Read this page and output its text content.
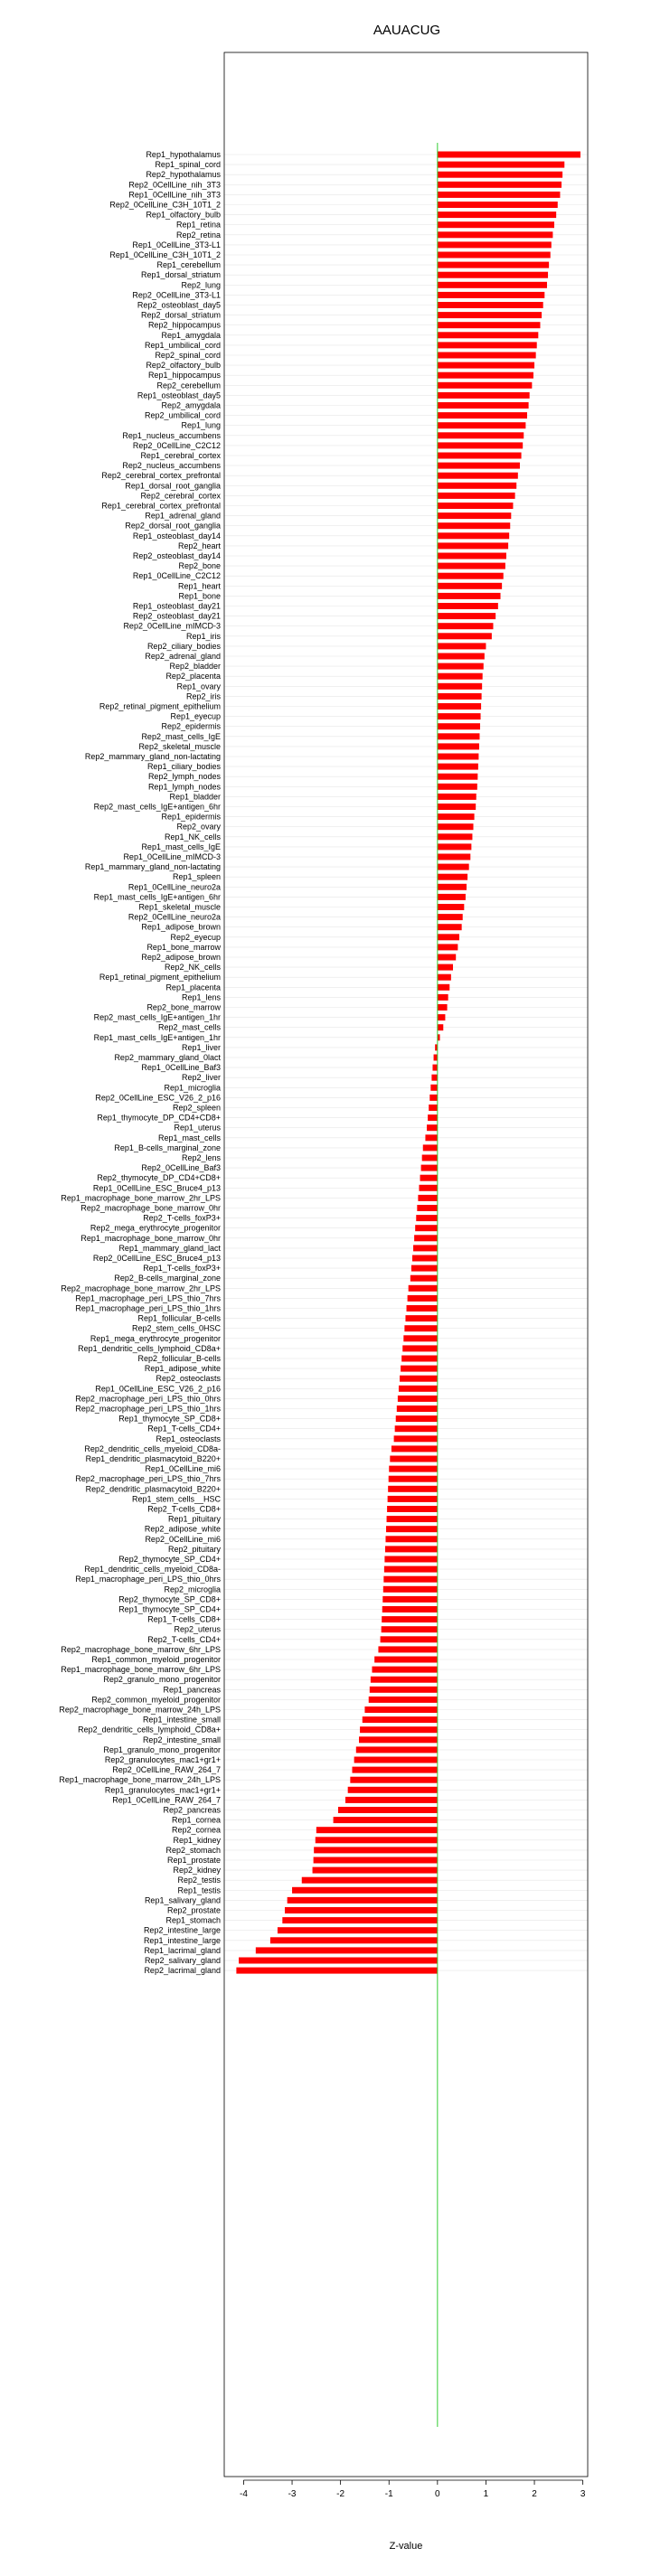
AAUACUG
Rep1_hypothalamus
Rep1_spinal_cord
Rep2_hypothalamus
Rep2_0CellLine_nih_3T3
Rep1_0CellLine_nih_3T3
Rep2_0CellLine_C3H_10T1_2
Rep1_olfactory_bulb
Rep1_retina
Rep2_retina
Rep1_0CellLine_3T3-L1
Rep1_0CellLine_C3H_10T1_2
Rep1_cerebellum
Rep1_dorsal_striatum
Rep2_lung
Rep2_0CellLine_3T3-L1
Rep2_osteoblast_day5
Rep2_dorsal_striatum
Rep2_hippocampus
Rep1_amygdala
Rep1_umbilical_cord
Rep2_spinal_cord
Rep2_olfactory_bulb
Rep1_hippocampus
Rep2_cerebellum
Rep1_osteoblast_day5
Rep2_amygdala
Rep2_umbilical_cord
Rep1_lung
Rep1_nucleus_accumbens
Rep2_0CellLine_C2C12
Rep1_cerebral_cortex
Rep2_nucleus_accumbens
Rep2_cerebral_cortex_prefrontal
Rep1_dorsal_root_ganglia
Rep2_cerebral_cortex
Rep1_cerebral_cortex_prefrontal
Rep1_adrenal_gland
Rep2_dorsal_root_ganglia
Rep1_osteoblast_day14
Rep2_heart
Rep2_osteoblast_day14
Rep2_bone
Rep1_0CellLine_C2C12
Rep1_heart
Rep1_bone
Rep1_osteoblast_day21
Rep2_osteoblast_day21
Rep2_0CellLine_mIMCD-3
Rep1_iris
Rep2_ciliary_bodies
Rep2_adrenal_gland
Rep2_bladder
Rep2_placenta
Rep1_ovary
Rep2_iris
Rep2_retinal_pigment_epithelium
Rep1_eyecup
Rep2_epidermis
Rep2_mast_cells_IgE
Rep2_skeletal_muscle
Rep2_mammary_gland_non-lactating
Rep1_ciliary_bodies
Rep2_lymph_nodes
Rep1_lymph_nodes
Rep1_bladder
Rep2_mast_cells_IgE+antigen_6hr
Rep1_epidermis
Rep2_ovary
Rep1_NK_cells
Rep1_mast_cells_IgE
Rep1_0CellLine_mIMCD-3
Rep1_mammary_gland_non-lactating
Rep1_spleen
Rep1_0CellLine_neuro2a
Rep1_mast_cells_IgE+antigen_6hr
Rep1_skeletal_muscle
Rep2_0CellLine_neuro2a
Rep1_adipose_brown
Rep2_eyecup
Rep1_bone_marrow
Rep2_adipose_brown
Rep2_NK_cells
Rep1_retinal_pigment_epithelium
Rep1_placenta
Rep1_lens
Rep2_bone_marrow
Rep2_mast_cells_IgE+antigen_1hr
Rep2_mast_cells
Rep1_mast_cells_IgE+antigen_1hr
Rep1_liver
Rep2_mammary_gland_0lact
Rep1_0CellLine_Baf3
Rep2_liver
Rep1_microglia
Rep2_0CellLine_ESC_V26_2_p16
Rep2_spleen
Rep1_thymocyte_DP_CD4+CD8+
Rep1_uterus
Rep1_mast_cells
Rep1_B-cells_marginal_zone
Rep2_lens
Rep2_0CellLine_Baf3
Rep2_thymocyte_DP_CD4+CD8+
Rep1_0CellLine_ESC_Bruce4_p13
Rep1_macrophage_bone_marrow_2hr_LPS
Rep2_macrophage_bone_marrow_0hr
Rep2_T-cells_foxP3+
Rep2_mega_erythrocyte_progenitor
Rep1_macrophage_bone_marrow_0hr
Rep1_mammary_gland_lact
Rep2_0CellLine_ESC_Bruce4_p13
Rep1_T-cells_foxP3+
Rep2_B-cells_marginal_zone
Rep2_macrophage_bone_marrow_2hr_LPS
Rep1_macrophage_peri_LPS_thio_7hrs
Rep1_macrophage_peri_LPS_thio_1hrs
Rep1_follicular_B-cells
Rep2_stem_cells_0HSC
Rep1_mega_erythrocyte_progenitor
Rep1_dendritic_cells_lymphoid_CD8a+
Rep2_follicular_B-cells
Rep1_adipose_white
Rep2_osteoclasts
Rep1_0CellLine_ESC_V26_2_p16
Rep2_macrophage_peri_LPS_thio_0hrs
Rep2_macrophage_peri_LPS_thio_1hrs
Rep1_thymocyte_SP_CD8+
Rep1_T-cells_CD4+
Rep1_osteoclasts
Rep2_dendritic_cells_myeloid_CD8a-
Rep1_dendritic_plasmacytoid_B220+
Rep1_0CellLine_mi6
Rep2_macrophage_peri_LPS_thio_7hrs
Rep2_dendritic_plasmacytoid_B220+
Rep1_stem_cells__HSC
Rep2_T-cells_CD8+
Rep1_pituitary
Rep2_adipose_white
Rep2_0CellLine_mi6
Rep2_pituitary
Rep2_thymocyte_SP_CD4+
Rep1_dendritic_cells_myeloid_CD8a-
Rep1_macrophage_peri_LPS_thio_0hrs
Rep2_microglia
Rep2_thymocyte_SP_CD8+
Rep1_thymocyte_SP_CD4+
Rep1_T-cells_CD8+
Rep2_uterus
Rep2_T-cells_CD4+
Rep2_macrophage_bone_marrow_6hr_LPS
Rep1_common_myeloid_progenitor
Rep1_macrophage_bone_marrow_6hr_LPS
Rep2_granulo_mono_progenitor
Rep1_pancreas
Rep2_common_myeloid_progenitor
Rep2_macrophage_bone_marrow_24h_LPS
Rep1_intestine_small
Rep2_dendritic_cells_lymphoid_CD8a+
Rep2_intestine_small
Rep1_granulo_mono_progenitor
Rep2_granulocytes_mac1+gr1+
Rep2_0CellLine_RAW_264_7
Rep1_macrophage_bone_marrow_24h_LPS
Rep1_granulocytes_mac1+gr1+
Rep1_0CellLine_RAW_264_7
Rep2_pancreas
Rep1_cornea
Rep2_cornea
Rep1_kidney
Rep2_stomach
Rep1_prostate
Rep2_kidney
Rep2_testis
Rep1_testis
Rep1_salivary_gland
Rep2_prostate
Rep1_stomach
Rep2_intestine_large
Rep1_intestine_large
Rep1_lacrimal_gland
Rep2_salivary_gland
Rep2_lacrimal_gland
-4	-3	-2	-1	0	1	2	3
Z-value
